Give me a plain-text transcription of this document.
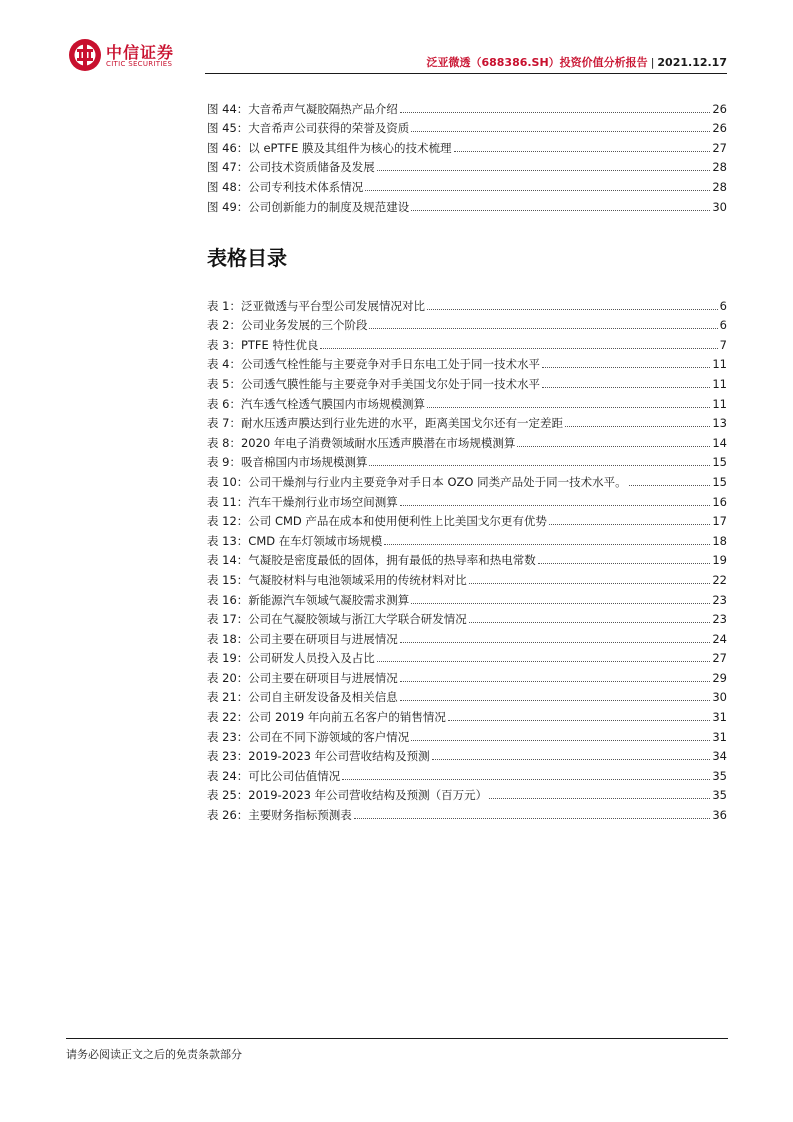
中信证券
CITIC SECURITIES	泛亚微透（688386.SH）投资价值分析报告 | 2021.12.17
图 44：大音希声气凝胶隔热产品介绍	26
图 45：大音希声公司获得的荣誉及资质	26
图 46：以 ePTFE 膜及其组件为核心的技术梳理	27
图 47：公司技术资质储备及发展	28
图 48：公司专利技术体系情况	28
图 49：公司创新能力的制度及规范建设	30
表格目录
表 1：泛亚微透与平台型公司发展情况对比	6
表 2：公司业务发展的三个阶段	6
表 3：PTFE 特性优良	7
表 4：公司透气栓性能与主要竞争对手日东电工处于同一技术水平	11
表 5：公司透气膜性能与主要竞争对手美国戈尔处于同一技术水平	11
表 6：汽车透气栓透气膜国内市场规模测算	11
表 7：耐水压透声膜达到行业先进的水平，距离美国戈尔还有一定差距	13
表 8：2020 年电子消费领域耐水压透声膜潜在市场规模测算	14
表 9：吸音棉国内市场规模测算	15
表 10：公司干燥剂与行业内主要竞争对手日本 OZO 同类产品处于同一技术水平。	15
表 11：汽车干燥剂行业市场空间测算	16
表 12：公司 CMD 产品在成本和使用便利性上比美国戈尔更有优势	17
表 13：CMD 在车灯领域市场规模	18
表 14：气凝胶是密度最低的固体，拥有最低的热导率和热电常数	19
表 15：气凝胶材料与电池领域采用的传统材料对比	22
表 16：新能源汽车领域气凝胶需求测算	23
表 17：公司在气凝胶领域与浙江大学联合研发情况	23
表 18：公司主要在研项目与进展情况	24
表 19：公司研发人员投入及占比	27
表 20：公司主要在研项目与进展情况	29
表 21：公司自主研发设备及相关信息	30
表 22：公司 2019 年向前五名客户的销售情况	31
表 23：公司在不同下游领域的客户情况	31
表 23：2019-2023 年公司营收结构及预测	34
表 24：可比公司估值情况	35
表 25：2019-2023 年公司营收结构及预测（百万元）	35
表 26：主要财务指标预测表	36
请务必阅读正文之后的免责条款部分
